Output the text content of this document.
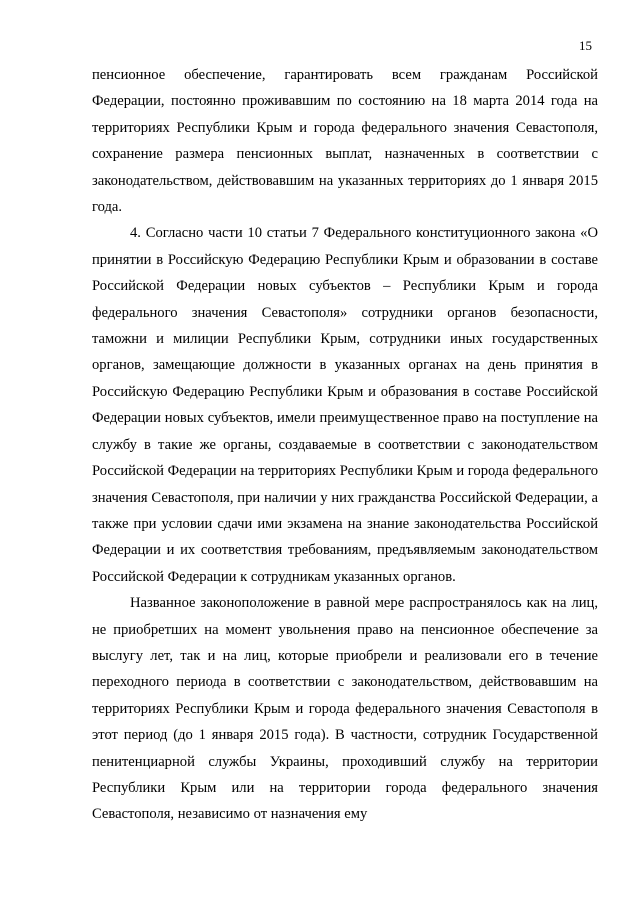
15

пенсионное обеспечение, гарантировать всем гражданам Российской Федерации, постоянно проживавшим по состоянию на 18 марта 2014 года на территориях Республики Крым и города федерального значения Севастополя, сохранение размера пенсионных выплат, назначенных в соответствии с законодательством, действовавшим на указанных территориях до 1 января 2015 года.

4. Согласно части 10 статьи 7 Федерального конституционного закона «О принятии в Российскую Федерацию Республики Крым и образовании в составе Российской Федерации новых субъектов – Республики Крым и города федерального значения Севастополя» сотрудники органов безопасности, таможни и милиции Республики Крым, сотрудники иных государственных органов, замещающие должности в указанных органах на день принятия в Российскую Федерацию Республики Крым и образования в составе Российской Федерации новых субъектов, имели преимущественное право на поступление на службу в такие же органы, создаваемые в соответствии с законодательством Российской Федерации на территориях Республики Крым и города федерального значения Севастополя, при наличии у них гражданства Российской Федерации, а также при условии сдачи ими экзамена на знание законодательства Российской Федерации и их соответствия требованиям, предъявляемым законодательством Российской Федерации к сотрудникам указанных органов.

Названное законоположение в равной мере распространялось как на лиц, не приобретших на момент увольнения право на пенсионное обеспечение за выслугу лет, так и на лиц, которые приобрели и реализовали его в течение переходного периода в соответствии с законодательством, действовавшим на территориях Республики Крым и города федерального значения Севастополя в этот период (до 1 января 2015 года). В частности, сотрудник Государственной пенитенциарной службы Украины, проходивший службу на территории Республики Крым или на территории города федерального значения Севастополя, независимо от назначения ему
